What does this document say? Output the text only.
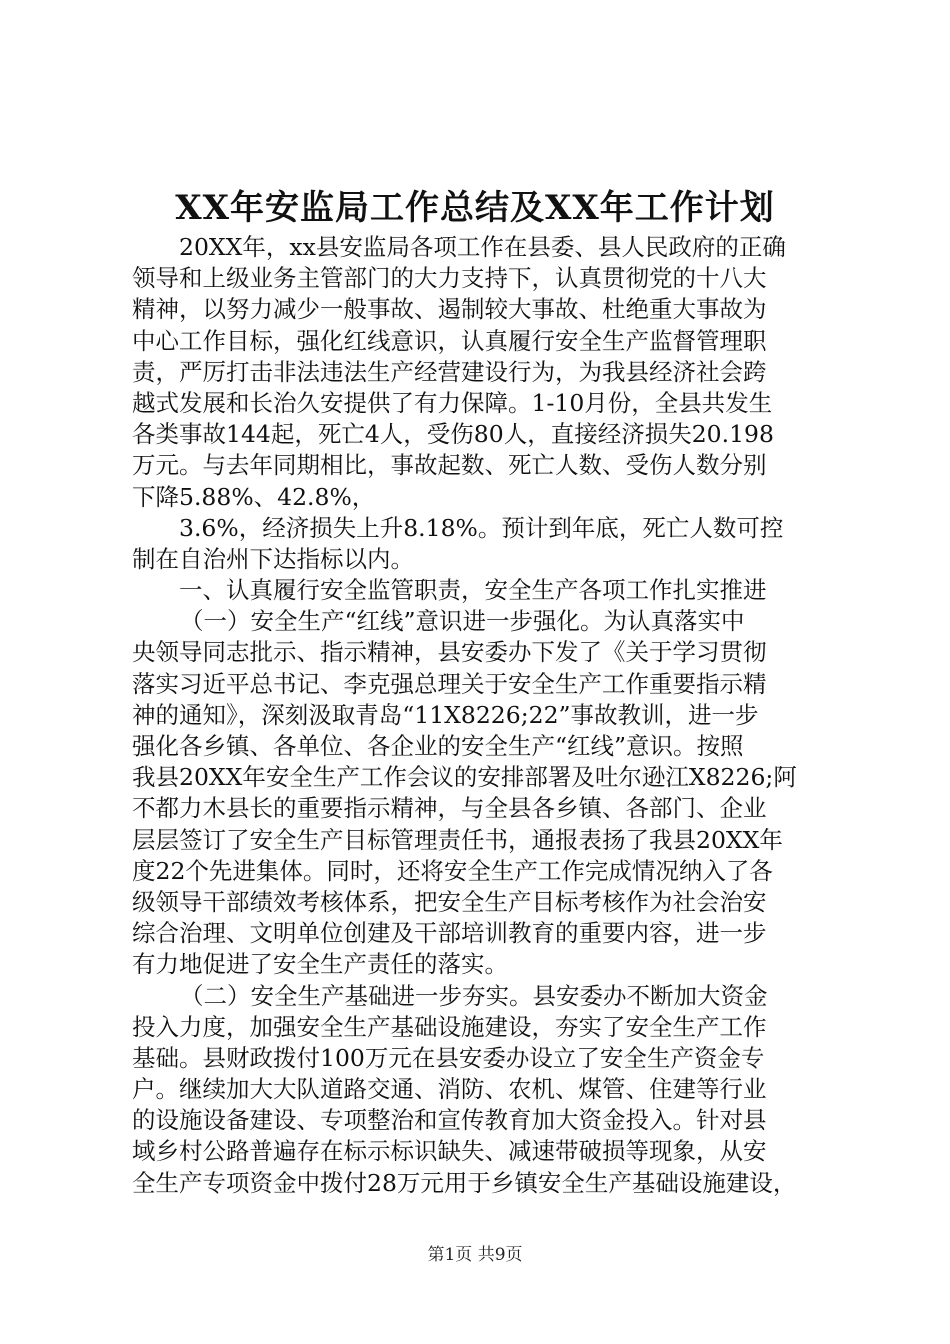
XX年安监局工作总结及XX年工作计划
20XX年，xx县安监局各项工作在县委、县人民政府的正确
领导和上级业务主管部门的大力支持下，认真贯彻党的十八大
精神，以努力减少一般事故、遏制较大事故、杜绝重大事故为
中心工作目标，强化红线意识，认真履行安全生产监督管理职
责，严厉打击非法违法生产经营建设行为，为我县经济社会跨
越式发展和长治久安提供了有力保障。1-10月份，全县共发生
各类事故144起，死亡4人，受伤80人，直接经济损失20.198
万元。与去年同期相比，事故起数、死亡人数、受伤人数分别
下降5.88%、42.8%，
3.6%，经济损失上升8.18%。预计到年底，死亡人数可控
制在自治州下达指标以内。
一、认真履行安全监管职责，安全生产各项工作扎实推进
（一）安全生产“红线”意识进一步强化。为认真落实中
央领导同志批示、指示精神，县安委办下发了《关于学习贯彻
落实习近平总书记、李克强总理关于安全生产工作重要指示精
神的通知》，深刻汲取青岛“11X8226;22”事故教训，进一步
强化各乡镇、各单位、各企业的安全生产“红线”意识。按照
我县20XX年安全生产工作会议的安排部署及吐尔逊江X8226;阿
不都力木县长的重要指示精神，与全县各乡镇、各部门、企业
层层签订了安全生产目标管理责任书，通报表扬了我县20XX年
度22个先进集体。同时，还将安全生产工作完成情况纳入了各
级领导干部绩效考核体系，把安全生产目标考核作为社会治安
综合治理、文明单位创建及干部培训教育的重要内容，进一步
有力地促进了安全生产责任的落实。
（二）安全生产基础进一步夯实。县安委办不断加大资金
投入力度，加强安全生产基础设施建设，夯实了安全生产工作
基础。县财政拨付100万元在县安委办设立了安全生产资金专
户。继续加大大队道路交通、消防、农机、煤管、住建等行业
的设施设备建设、专项整治和宣传教育加大资金投入。针对县
域乡村公路普遍存在标示标识缺失、减速带破损等现象，从安
全生产专项资金中拨付28万元用于乡镇安全生产基础设施建设，
第1页 共9页
